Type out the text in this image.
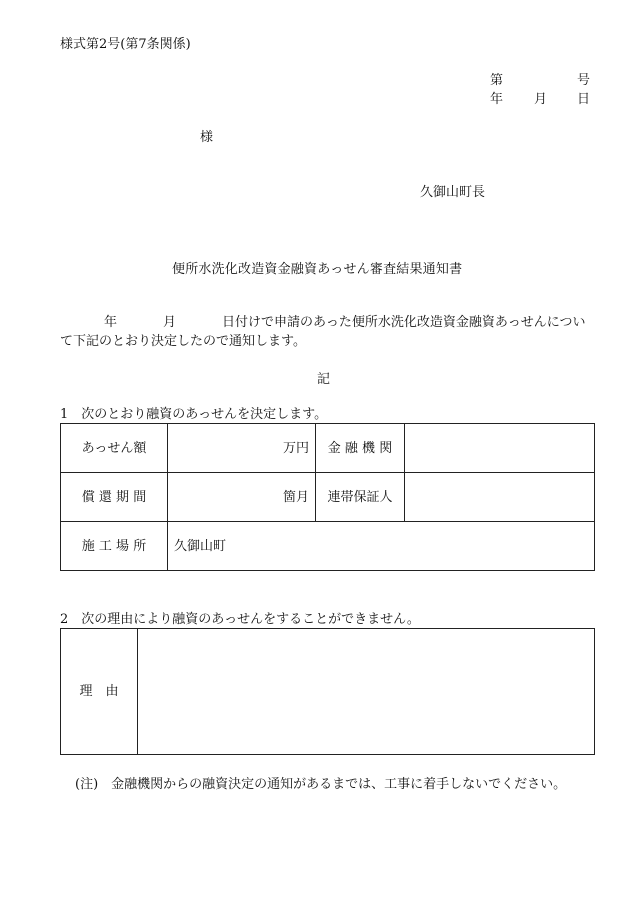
様式第2号(第7条関係)
第	号
年 月 日
様
久御山町長
便所水洗化改造資金融資あっせん審査結果通知書
年	月	日付けで申請のあった便所水洗化改造資金融資あっせんについ
て下記のとおり決定したので通知します。
記
1　次のとおり融資のあっせんを決定します。
あっせん額	万円	金 融 機 関	
償 還 期 間	箇月	連帯保証人	
施 工 場 所	久御山町		
2　次の理由により融資のあっせんをすることができません。
理　由	
(注)　金融機関からの融資決定の通知があるまでは、工事に着手しないでください。
